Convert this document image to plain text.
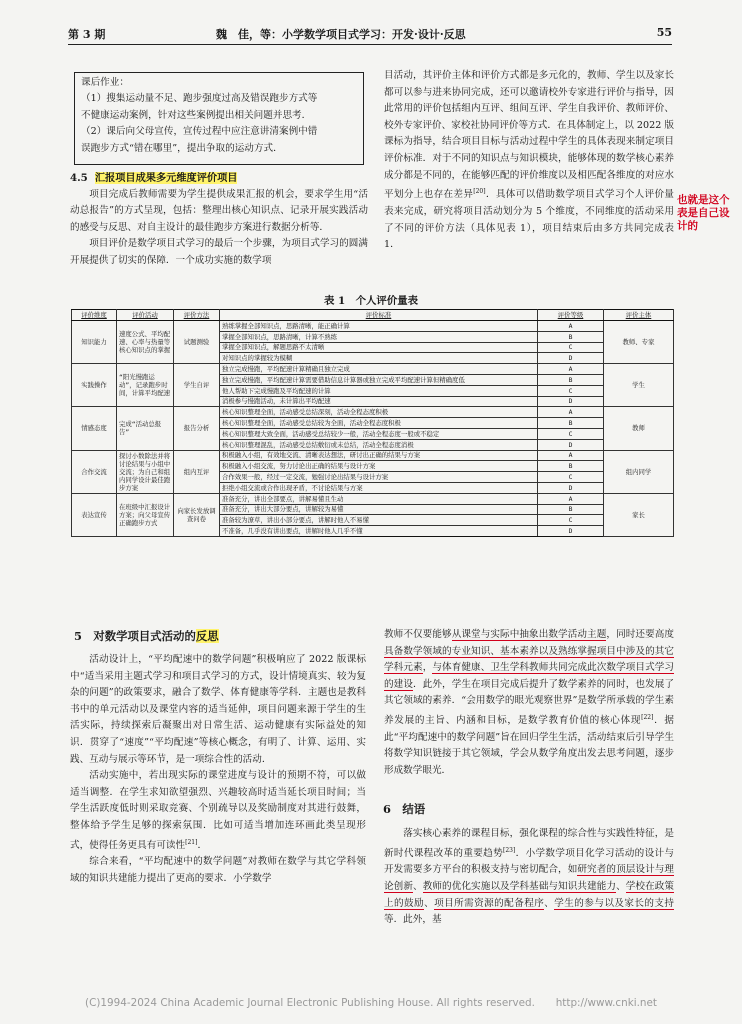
第 3 期	魏　佳，等：小学数学项目式学习：开发·设计·反思	55
课后作业：
（1）搜集运动量不足、跑步强度过高及错误跑步方式等
不健康运动案例，针对这些案例提出相关问题并思考．
（2）课后向父母宣传，宣传过程中应注意讲清案例中错
误跑步方式“错在哪里”，提出争取的运动方式．

4.5 汇报项目成果多元维度评价项目

项目完成后教师需要为学生提供成果汇报的机会，要求学生用“活动总报告”的方式呈现，包括：整理出核心知识点、记录开展实践活动的感受与反思、对自主设计的最佳跑步方案进行数据分析等．

项目评价是数学项目式学习的最后一个步骤，为项目式学习的圆满开展提供了切实的保障．一个成功实施的数学项

目活动，其评价主体和评价方式都是多元化的，教师、学生以及家长都可以参与进来协同完成，还可以邀请校外专家进行评价与指导，因此常用的评价包括组内互评、组间互评、学生自我评价、教师评价、校外专家评价、家校社协同评价等方式．在具体制定上，以 2022 版课标为指导，结合项目目标与活动过程中学生的具体表现来制定项目评价标准．对于不同的知识点与知识模块，能够体现的数学核心素养成分都是不同的，在能够匹配的评价维度以及相匹配各维度的对应水平划分上也存在差异[20]．具体可以借助数学项目式学习个人评价量表来完成，研究将项目活动划分为 5 个维度，不同维度的活动采用了不同的评价方法（具体见表 1），项目结束后由多方共同完成表 1．

也就是这个表是自己设计的
表 1　个人评价量表
评价维度	评价活动	评价方法	评价标准	评价等级	评价主体
知识能力	速度公式、平均配速、心率与热量等核心知识点的掌握	试题测验	熟练掌握全部知识点，思路清晰，能正确计算	A	教师、专家
			掌握全部知识点，思路清晰，计算不熟练	B	
			掌握全部知识点，解题思路不太清晰	C	
			对知识点的掌握较为模糊	D	
实践操作	“阳光慢跑运动”，记录跑步时间，计算平均配速	学生自评	独立完成慢跑，平均配速计算精确且独立完成	A	学生
			独立完成慢跑，平均配速计算需要借助信息计算器或独立完成平均配速计算但精确度低	B	
			他人帮助下完成慢跑及平均配速的计算	C	
			消极参与慢跑活动，未计算出平均配速	D	
情感态度	完成“活动总报告”	报告分析	核心知识整理全面，活动感受总结深刻，活动全程态度积极	A	教师
			核心知识整理全面，活动感受总结较为全面，活动全程态度积极	B	
			核心知识整理大致全面，活动感受总结较少一般，活动全程态度一般或不稳定	C	
			核心知识整理混乱，活动感受总结敷衍或未总结，活动全程态度消极	D	
合作交流	探讨小数除法并将讨论结果与小组中交流；为自己和组内同学设计最佳跑步方案	组内互评	积极融入小组，有效地交流、清晰表达想法，研讨出正确的结果与方案	A	组内同学
			积极融入小组交流，努力讨论出正确的结果与设计方案	B	
			合作效果一般，经过一定交流，勉强讨论出结果与设计方案	C	
			拒绝小组交流或合作出现矛盾，不讨论结果与方案	D	
表达宣传	在班级中汇报设计方案；向父母宣传正确跑步方式	向家长发放调查问卷	准备充分，讲出全部要点，讲解易懂且生动	A	家长
			准备充分，讲出大部分要点，讲解较为易懂	B	
			准备较为潦草，讲出小部分要点，讲解时他人不易懂	C	
			不准备，几乎没有讲出要点，讲解时他人几乎不懂	D	
5　对数学项目式活动的反思

活动设计上，“平均配速中的数学问题”积极响应了 2022 版课标中“适当采用主题式学习和项目式学习的方式，设计情境真实、较为复杂的问题”的政策要求，融合了数学、体育健康等学科．主题也是教科书中的单元活动以及课堂内容的适当延伸，项目问题来源于学生的生活实际，持续探索后凝聚出对日常生活、运动健康有实际益处的知识．贯穿了“速度”“平均配速”等核心概念，有明了、计算、运用、实践、互动与展示等环节，是一项综合性的活动．

活动实施中，若出现实际的课堂进度与设计的预期不符，可以做适当调整．在学生求知欲望强烈、兴趣较高时适当延长项目时间；当学生活跃度低时则采取竞赛、个别疏导以及奖励制度对其进行鼓舞，整体给予学生足够的探索氛围．比如可适当增加连环画此类呈现形式，使得任务更具有可读性[21]．

综合来看，“平均配速中的数学问题”对教师在数学与其它学科领域的知识共建能力提出了更高的要求．小学数学

教师不仅要能够从课堂与实际中抽象出数学活动主题，同时还要高度具备数学领域的专业知识、基本素养以及熟练掌握项目中涉及的其它学科元素，与体育健康、卫生学科教师共同完成此次数学项目式学习的建设．此外，学生在项目完成后提升了数学素养的同时，也发展了其它领域的素养．“会用数学的眼光观察世界”是数学所承载的学生素养发展的主旨、内涵和目标，是数学教育价值的核心体现[22]．据此“平均配速中的数学问题”旨在回归学生生活，活动结束后引导学生将数学知识链接于其它领域，学会从数学角度出发去思考问题，逐步形成数学眼光．

6　结语

落实核心素养的课程目标，强化课程的综合性与实践性特征，是新时代课程改革的重要趋势[23]．小学数学项目化学习活动的设计与开发需要多方平台的积极支持与密切配合，如研究者的顶层设计与理论创新、教师的优化实施以及学科基础与知识共建能力、学校在政策上的鼓励、项目所需资源的配备程序、学生的参与以及家长的支持等．此外，基

(C)1994-2024 China Academic Journal Electronic Publishing House. All rights reserved.　　http://www.cnki.net
